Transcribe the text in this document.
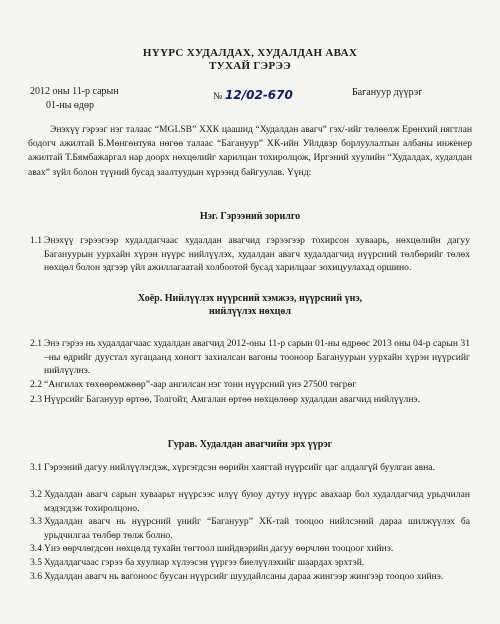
НҮҮРС ХУДАЛДАХ, ХУДАЛДАН АВАХ
ТУХАЙ ГЭРЭЭ
2012 оны 11-р сарын
01-ны өдөр
№ 12/02-670	Багануур дүүрэг
Энэхүү гэрээг нэг талаас “MGLSB” ХХК цаашид “Худалдан авагч” гэх/-ийг төлөөлж Ерөнхий нягтлан бодогч ажилтай Б.Мөнгөнтуяа нөгөө талаас “Багануур” ХК-ийн Уйлдвэр борлуулалтын албаны инженер ажилтай Т.Бямбажаргал нар доорх нөхцөлийг харилцан тохиролцож, Иргэний хуулийн “Худалдах, худалдан авах” зүйл болон түүний бусад заалтуудын хүрээнд байгуулав. Үүнд:
Нэг. Гэрээний зорилго
1.1 Энэхүү гэрээгээр худалдагчаас худалдан авагчид гэрээгээр тохирсон хуваарь, нөхцөлийн дагуу Багануурын уурхайн хүрэн нүүрс нийлүүлэх, худалдан авагч худалдагчид нүүрсний төлбөрийг төлөх нөхцөл болон эдгээр үйл ажиллагаатай холбоотой бусад харилцааг зохицуулахад оршино.
Хоёр. Нийлүүлэх нүүрсний хэмжээ, нүүрсний үнэ, нийлүүлэх нөхцөл
2.1 Энэ гэрээ нь худалдагчаас худалдан авагчид 2012-оны 11-р сарын 01-ны өдрөөс 2013 оны 04-р сарын 31 –ны өдрийг дуустал хугацаанд хоногт захиалсан вагоны тооноор Багануурын уурхайн хүрэн нүүрсийг нийлүүлнэ.
2.2 “Ангилах төхөөрөмжөөр”-аар ангилсан нэг тонн нүүрсний үнэ 27500 төгрөг
2.3 Нүүрсийг Багануур өртөө, Толгойт, Амгалан өртөө нөхцөлөөр худалдан авагчид нийлүүлнэ.
Гурав. Худалдан авагчийн эрх үүрэг
3.1 Гэрээний дагуу нийлүүлэгдэж, хүргэгдсэн өөрийн хаягтай нүүрсийг цаг алдалгүй буулган авна.
3.2 Худалдан авагч сарын хуваарьт нүүрсээс илүү буюу дутуу нүүрс авахаар бол худалдагчид урьдчилан мэдэгдэж тохиролцоно.
3.3 Худалдан авагч нь нүүрсний үнийг “Багануур” ХК-тай тооцоо нийлсэний дараа шилжүүлэх ба урьдчилгаа төлбөр төлж болно.
3.4 Үнэ өөрчлөгдсөн нөхцөлд тухайн төгтоол шийдвэрийн дагуу өөрчлөн тооцоог хийнэ.
3.5 Худалдагчаас гэрээ ба хуулиар хүлээсэн үүргээ биелүүлэхийг шаардах эрхтэй.
3.6 Худалдан авагч нь вагоноос буусан нүүрсийг шуудайлсаны дараа жингээр жингээр тооцоо хийнэ.
